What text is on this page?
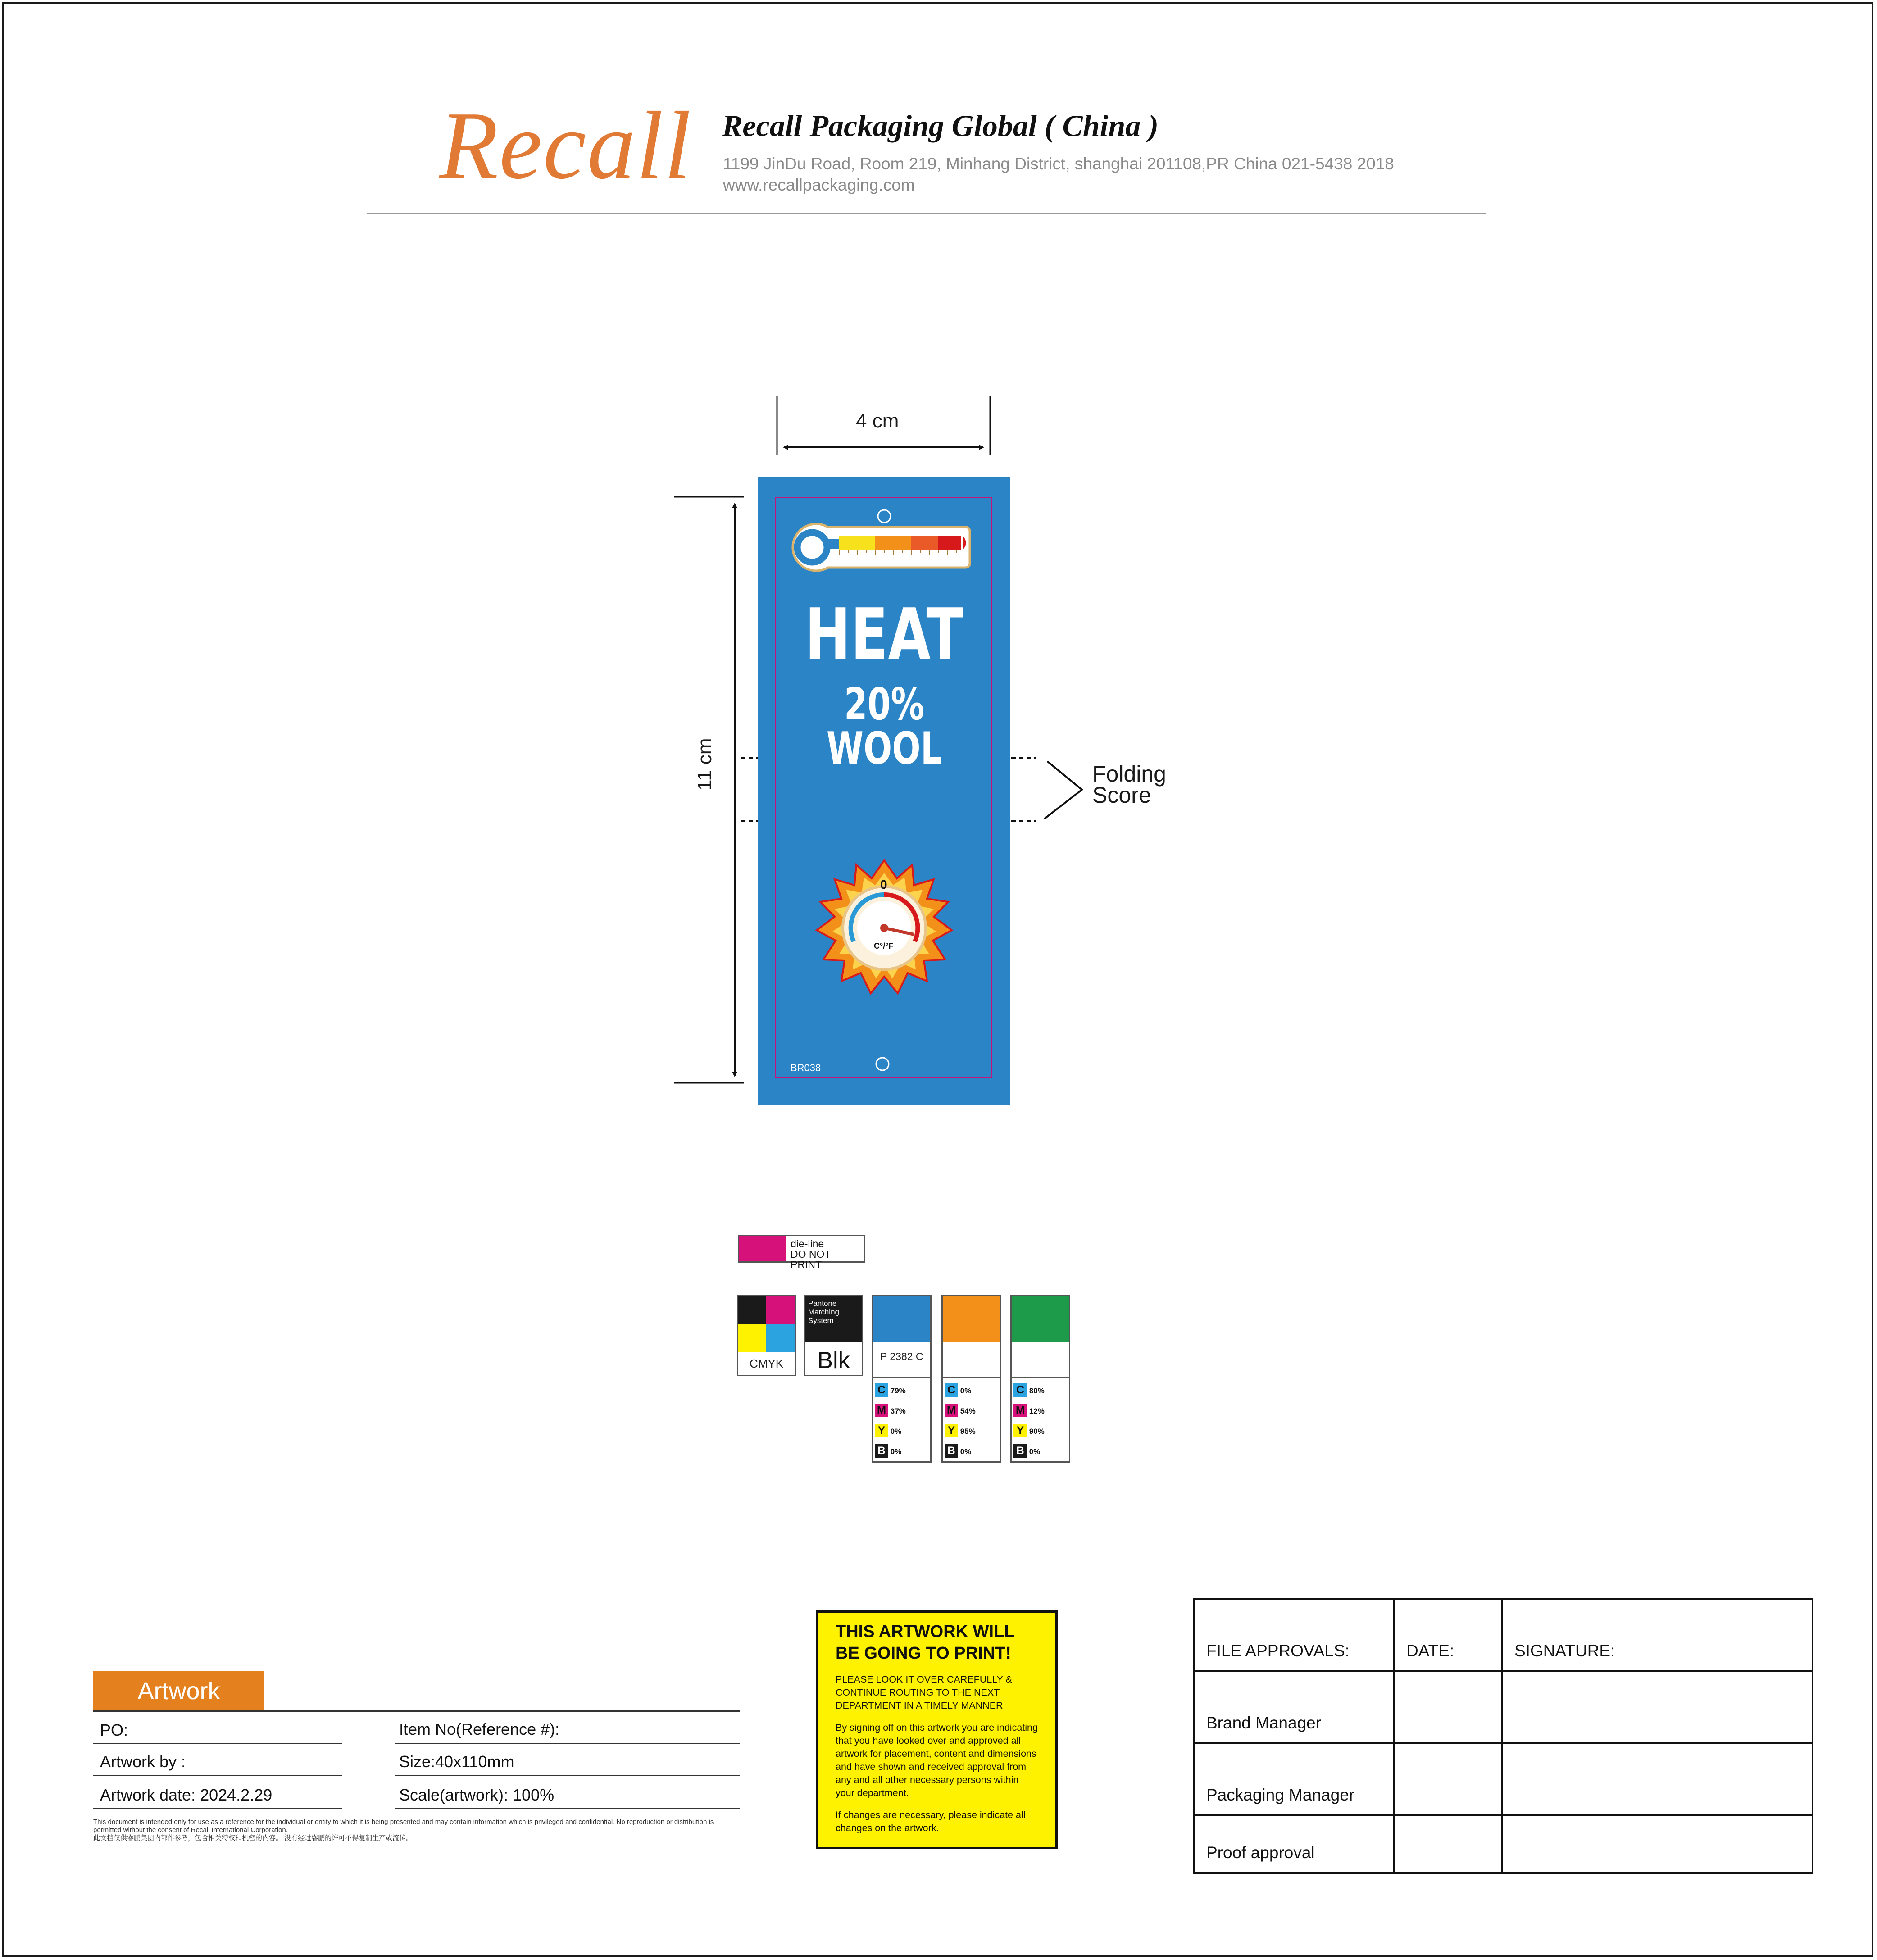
Recall Recall Packaging Global ( China )
1199 JinDu Road, Room 219, Minhang District, shanghai 201108,PR China 021-5438 2018
www.recallpackaging.com
4 cm
11 cm	Folding
Score
0
C°/°F
HEAT
20% WOOL
BR038
die-line
DO NOT PRINT
CMYK
Pantone
Matching
System
Blk	P 2382 C
C 79%
M 37%
Y 0%
B 0%
C 0%
M 54%
Y 95%
B 0%
C 80%
M 12%
Y 90%
B 0%
Artwork
PO:	Item No(Reference #):
Artwork by :	Size:40x110mm
Artwork date: 2024.2.29	Scale(artwork): 100%
This document is intended only for use as a reference for the individual or entity to which it is being presented and may contain information which is privileged and confidential. No reproduction or distribution is permitted without the consent of Recall International Corporation.
此文档仅供睿鹏集团内部作参考，包含相关特权和机密的内容。 没有经过睿鹏的许可不得复制生产或流传。
THIS ARTWORK WILL BE GOING TO PRINT!
PLEASE LOOK IT OVER CAREFULLY & CONTINUE ROUTING TO THE NEXT DEPARTMENT IN A TIMELY MANNER
By signing off on this artwork you are indicating that you have looked over and approved all artwork for placement, content and dimensions and have shown and received approval from any and all other necessary persons within your department.
If changes are necessary, please indicate all changes on the artwork.
FILE APPROVALS:	DATE:	SIGNATURE:
Brand Manager		
Packaging Manager		
Proof approval		
